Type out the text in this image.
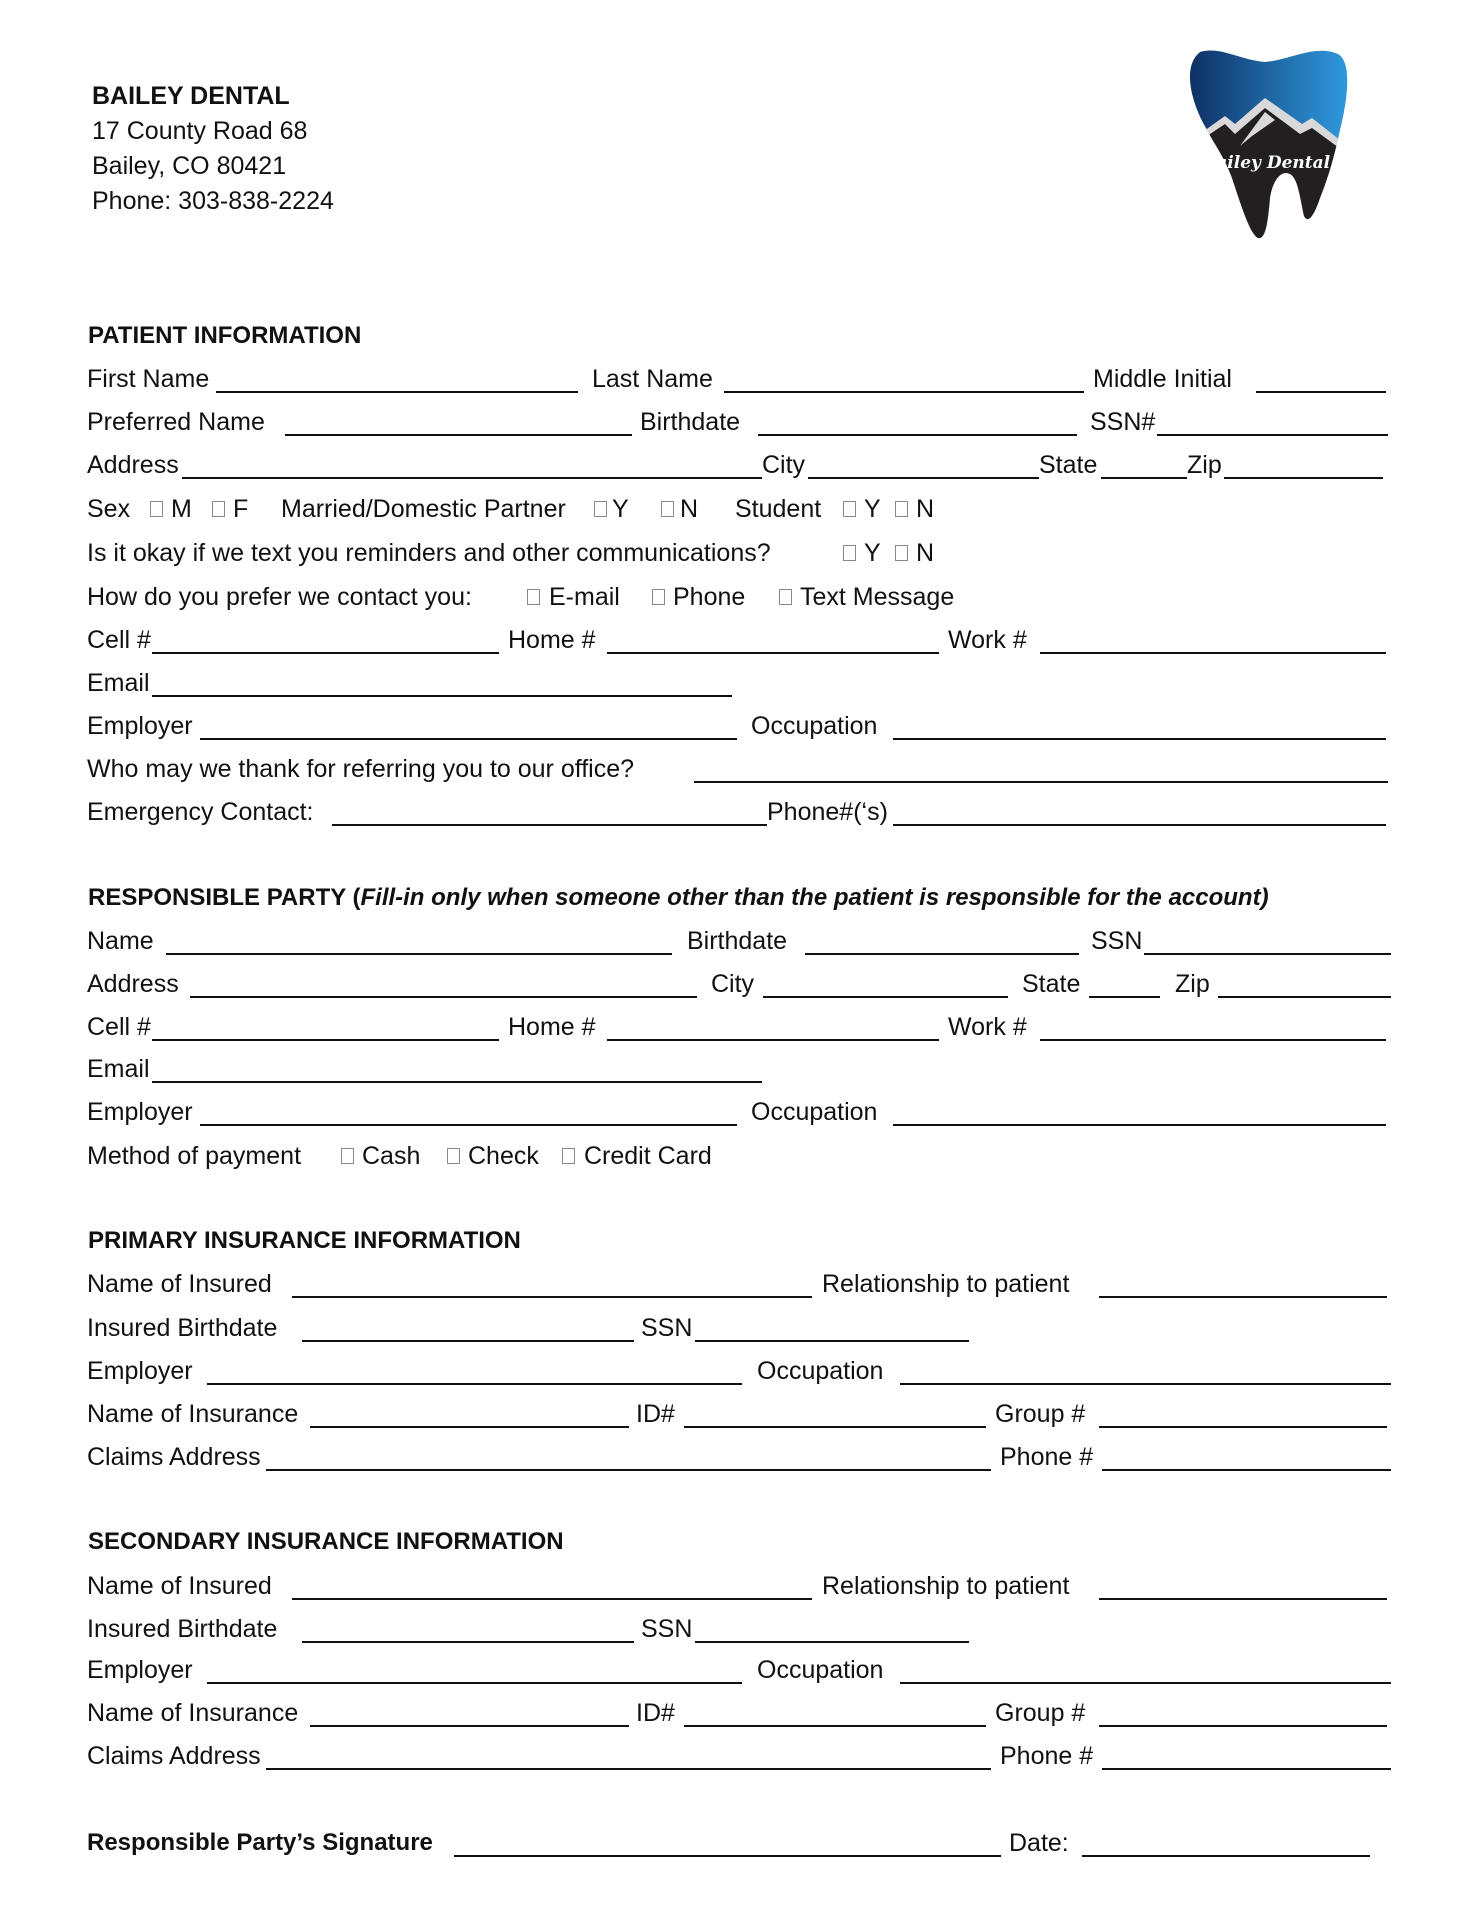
BAILEY DENTAL
17 County Road 68
Bailey, CO 80421
Phone: 303-838-2224
Bailey Dental
PATIENT INFORMATION
First Name	Last Name	Middle Initial
Preferred Name	Birthdate	SSN#
Address	City	State	Zip
Sex M F Married/Domestic Partner Y N Student Y N
Is it okay if we text you reminders and other communications?	Y N
How do you prefer we contact you:	E-mail Phone Text Message
Cell #	Home #	Work #
Email
Employer	Occupation
Who may we thank for referring you to our office?
Emergency Contact:	Phone#(‘s)
RESPONSIBLE PARTY (Fill-in only when someone other than the patient is responsible for the account)
Name	Birthdate	SSN
Address	City	State	Zip
Cell #	Home #	Work #
Email
Employer	Occupation
Method of payment Cash Check Credit Card
PRIMARY INSURANCE INFORMATION
Name of Insured	Relationship to patient
Insured Birthdate	SSN
Employer	Occupation
Name of Insurance	ID#	Group #
Claims Address	Phone #
SECONDARY INSURANCE INFORMATION
Name of Insured	Relationship to patient
Insured Birthdate	SSN
Employer	Occupation
Name of Insurance	ID#	Group #
Claims Address	Phone #
Responsible Party’s Signature	Date:
